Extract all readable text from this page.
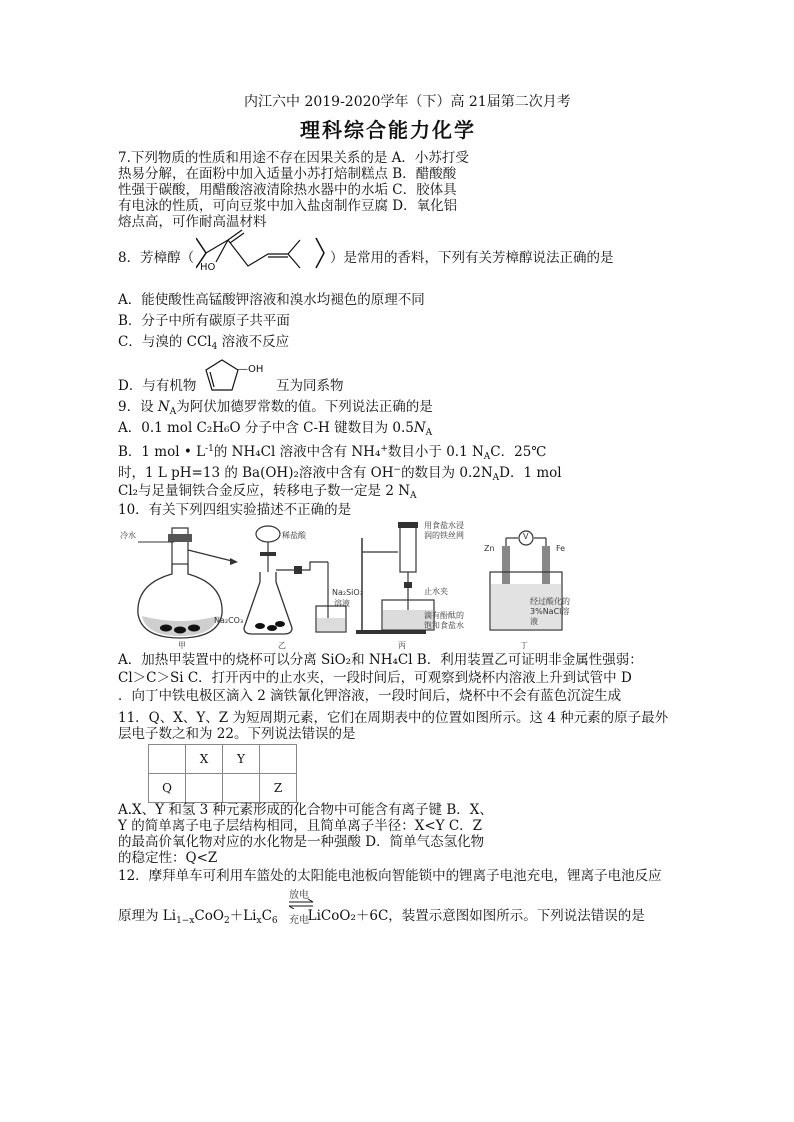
内江六中 2019-2020学年（下）高 21届第二次月考
理科综合能力化学
7.下列物质的性质和用途不存在因果关系的是 A．小苏打受
热易分解，在面粉中加入适量小苏打焙制糕点 B．醋酸酸
性强于碳酸，用醋酸溶液清除热水器中的水垢 C．胶体具
有电泳的性质，可向豆浆中加入盐卤制作豆腐 D．氧化铝
熔点高，可作耐高温材料
8．芳樟醇（
HO
）是常用的香料，下列有关芳樟醇说法正确的是
A．能使酸性高锰酸钾溶液和溴水均褪色的原理不同
B．分子中所有碳原子共平面
C．与溴的 CCl$_4$ 溶液不反应
D．与有机物
—OH
互为同系物
9．设 $N_A$为阿伏加德罗常数的值。下列说法正确的是
A．0.1 mol C₂H₆O 分子中含 C-H 键数目为 $0.5N_A$
B．1 mol • $L^{-1}$的 NH₄Cl 溶液中含有 NH₄+数目小于 0.1 $N_AC$．25℃
时，1 L pH=13 的 Ba(OH)₂溶液中含有 OH−的数目为 $0.2N_AD$．1 mol
Cl₂与足量铜铁合金反应，转移电子数一定是 2 $N_A$
10．有关下列四组实验描述不正确的是
冷水
甲
稀盐酸
Na₂CO₃
Na₂SiO₃
溶液
乙
用食盐水浸
润的铁丝网
止水夹
滴有酚酞的
饱和食盐水
丙
V
Zn	Fe
经过酸化的
3%NaCl溶
液
丁
A．加热甲装置中的烧杯可以分离 SiO₂和 NH₄Cl B．利用装置乙可证明非金属性强弱：
Cl＞C＞Si C．打开丙中的止水夹，一段时间后，可观察到烧杯内溶液上升到试管中 D
．向丁中铁电极区滴入 2 滴铁氰化钾溶液，一段时间后，烧杯中不会有蓝色沉淀生成
11．Q、X、Y、Z 为短周期元素，它们在周期表中的位置如图所示。这 4 种元素的原子最外
层电子数之和为 22。下列说法错误的是
	X	Y	
Q			Z
A.X、Y 和氢 3 种元素形成的化合物中可能含有离子键 B．X、
Y 的简单离子电子层结构相同，且简单离子半径：X<Y C．Z
的最高价氧化物对应的水化物是一种强酸 D．简单气态氢化物
的稳定性：Q<Z
12．摩拜单车可利用车篮处的太阳能电池板向智能锁中的锂离子电池充电，锂离子电池反应
原理为 $Li_{1-x}CoO_2+Li_xC_6$ LiCoO₂＋6C，装置示意图如图所示。下列说法错误的是
放电
充电
